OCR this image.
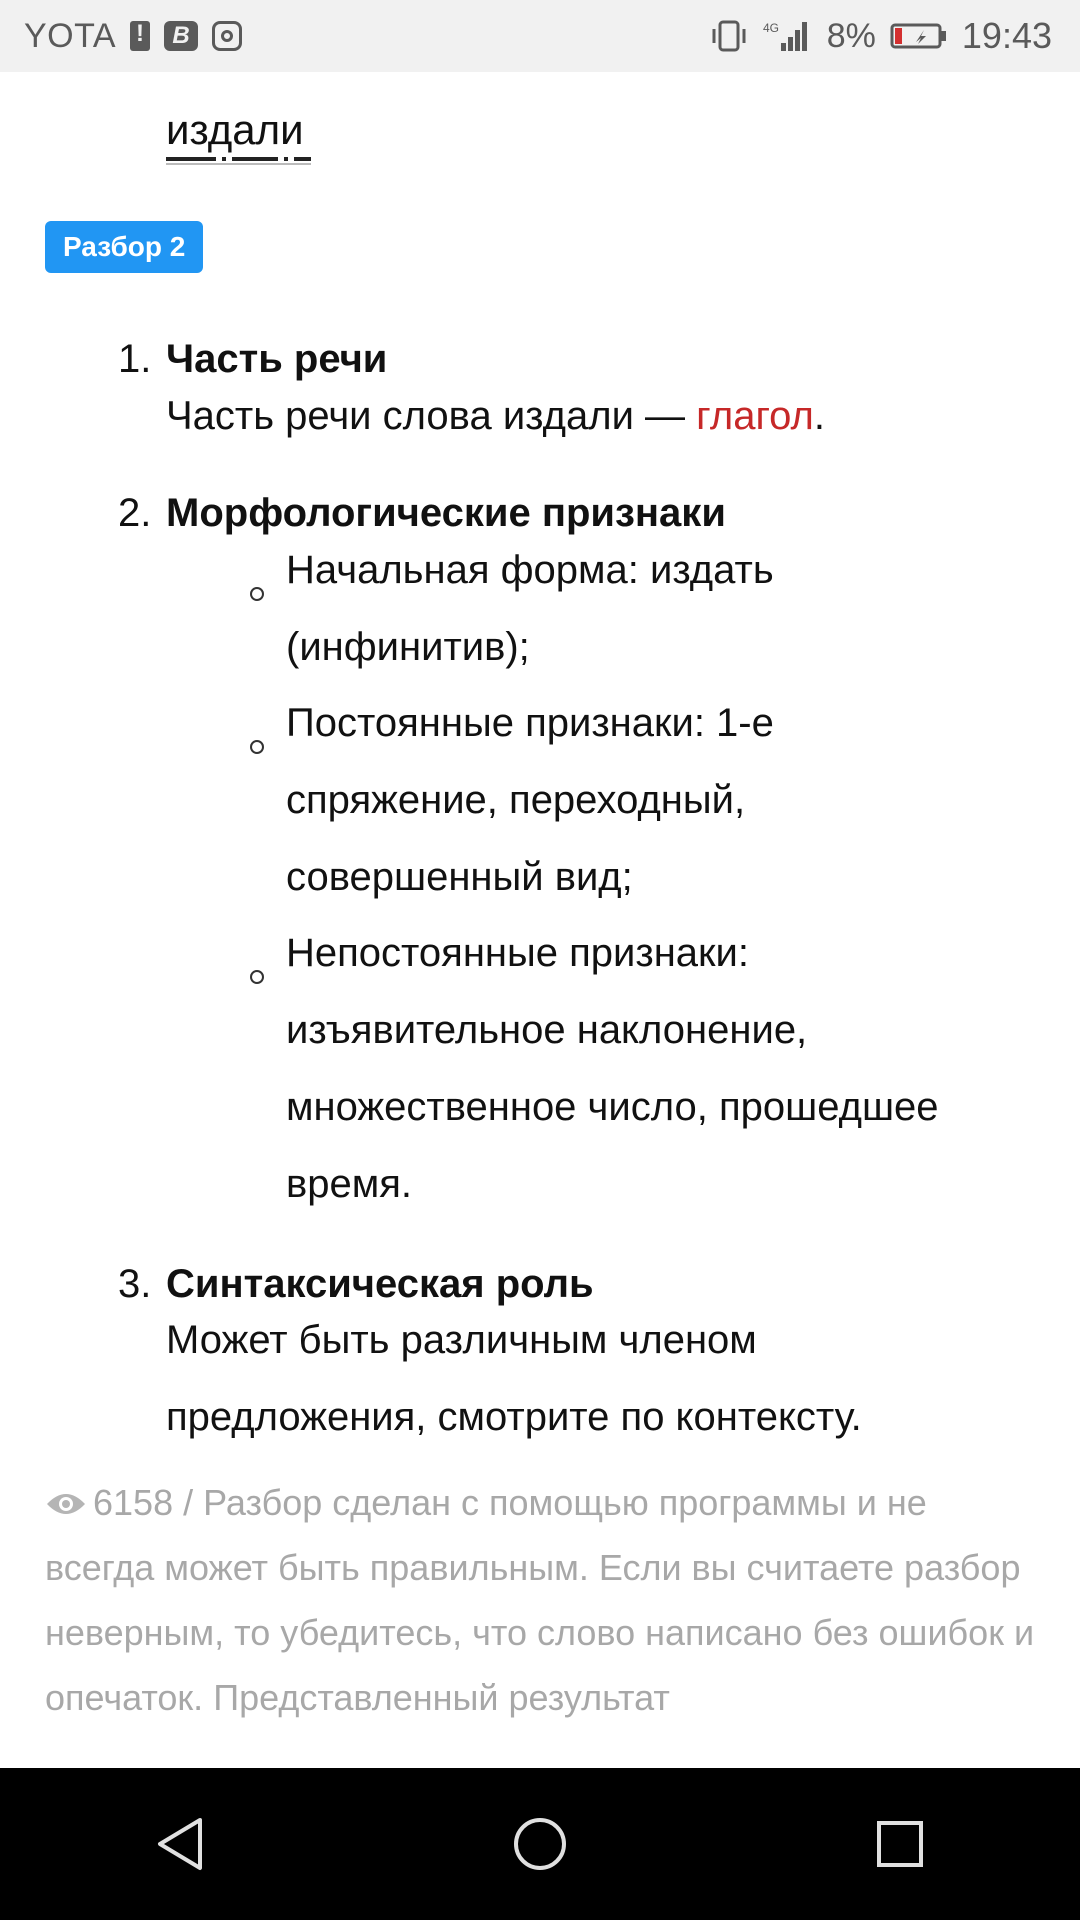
YOTA
!	В	4G 8% 19:43
издали
Разбор 2
1. Часть речи
Часть речи слова издали — глагол.
2. Морфологические признаки
Начальная форма: издать
(инфинитив);
Постоянные признаки: 1-е
спряжение, переходный,
совершенный вид;
Непостоянные признаки:
изъявительное наклонение,
множественное число, прошедшее
время.
3. Синтаксическая роль
Может быть различным членом
предложения, смотрите по контексту.
6158 / Разбор сделан с помощью программы и не всегда может быть правильным. Если вы считаете разбор неверным, то убедитесь, что слово написано без ошибок и опечаток. Представленный результат
